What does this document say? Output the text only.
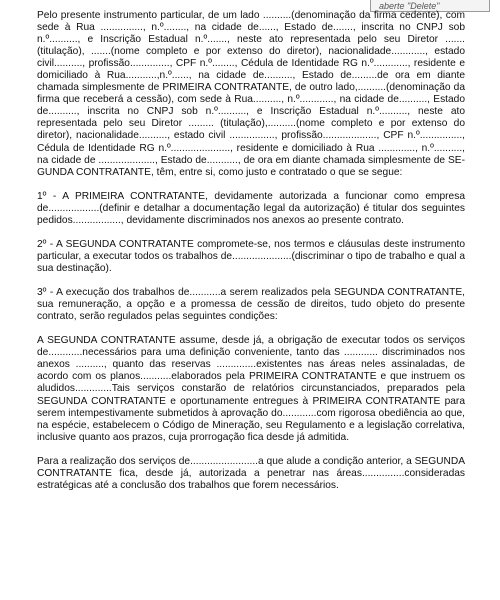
aberte "Delete"

Pelo presente instrumento particular, de um lado ..........(denominação da firma cedente), com sede à Rua ..............., n.º........, na cidade de......, Estado de......., inscrita no CNPJ sob n.º.........., e Inscrição Estadual n.º......., neste ato representada pelo seu Diretor ....... (titulação), .......(nome completo e por extenso do diretor), nacionalidade............, estado civil.........., profissão.............., CPF n.º........, Cédula de Identidade RG n.º............, residente e domiciliado à Rua...........,n.º......, na cidade de.........., Estado de.........de ora em diante chamada simplesmente de PRIMEIRA CONTRATANTE, de outro lado,..........(denominação da firma que receberá a cessão), com sede à Rua.........., n.º............, na cidade de.........., Estado de.........., inscrita no CNPJ sob n.º.........., e Inscrição Estadual n.º.........., neste ato representada pelo seu Diretor ......... (titulação),..........(nome completo e por extenso do diretor), nacionalidade.........., estado civil ................, profissão..................., CPF n.º..............., Cédula de Identidade RG n.º....................., residente e domiciliado à Rua ............., n.º.........., na cidade de ...................., Estado de..........., de ora em diante chamada simplesmente de SEGUNDA CONTRATANTE, têm, entre si, como justo e contratado o que se segue:

1º - A PRIMEIRA CONTRATANTE, devidamente autorizada a funcionar como empresa de..................(definir e detalhar a documentação legal da autorização) é titular dos seguintes pedidos................., devidamente discriminados nos anexos ao presente contrato.

2º - A SEGUNDA CONTRATANTE compromete-se, nos termos e cláusulas deste instrumento particular, a executar todos os trabalhos de.....................(discriminar o tipo de trabalho e qual a sua destinação).

3º - A execução dos trabalhos de...........a serem realizados pela SEGUNDA CONTRATANTE, sua remuneração, a opção e a promessa de cessão de direitos, tudo objeto do presente contrato, serão regulados pelas seguintes condições:

A SEGUNDA CONTRATANTE assume, desde já, a obrigação de executar todos os serviços de............necessários para uma definição conveniente, tanto das ............ discriminados nos anexos .........., quanto das reservas ..............existentes nas áreas neles assinaladas, de acordo com os planos...........elaborados pela PRIMEIRA CONTRATANTE e que instruem os aludidos.............Tais serviços constarão de relatórios circunstanciados, preparados pela SEGUNDA CONTRATANTE e oportunamente entregues à PRIMEIRA CONTRATANTE para serem intempestivamente submetidos à aprovação do............com rigorosa obediência ao que, na espécie, estabelecem o Código de Mineração, seu Regulamento e a legislação correlativa, inclusive quanto aos prazos, cuja prorrogação fica desde já admitida.

Para a realização dos serviços de........................a que alude a condição anterior, a SEGUNDA CONTRATANTE fica, desde já, autorizada a penetrar nas áreas...............consideradas estratégicas até a conclusão dos trabalhos que forem necessários.
